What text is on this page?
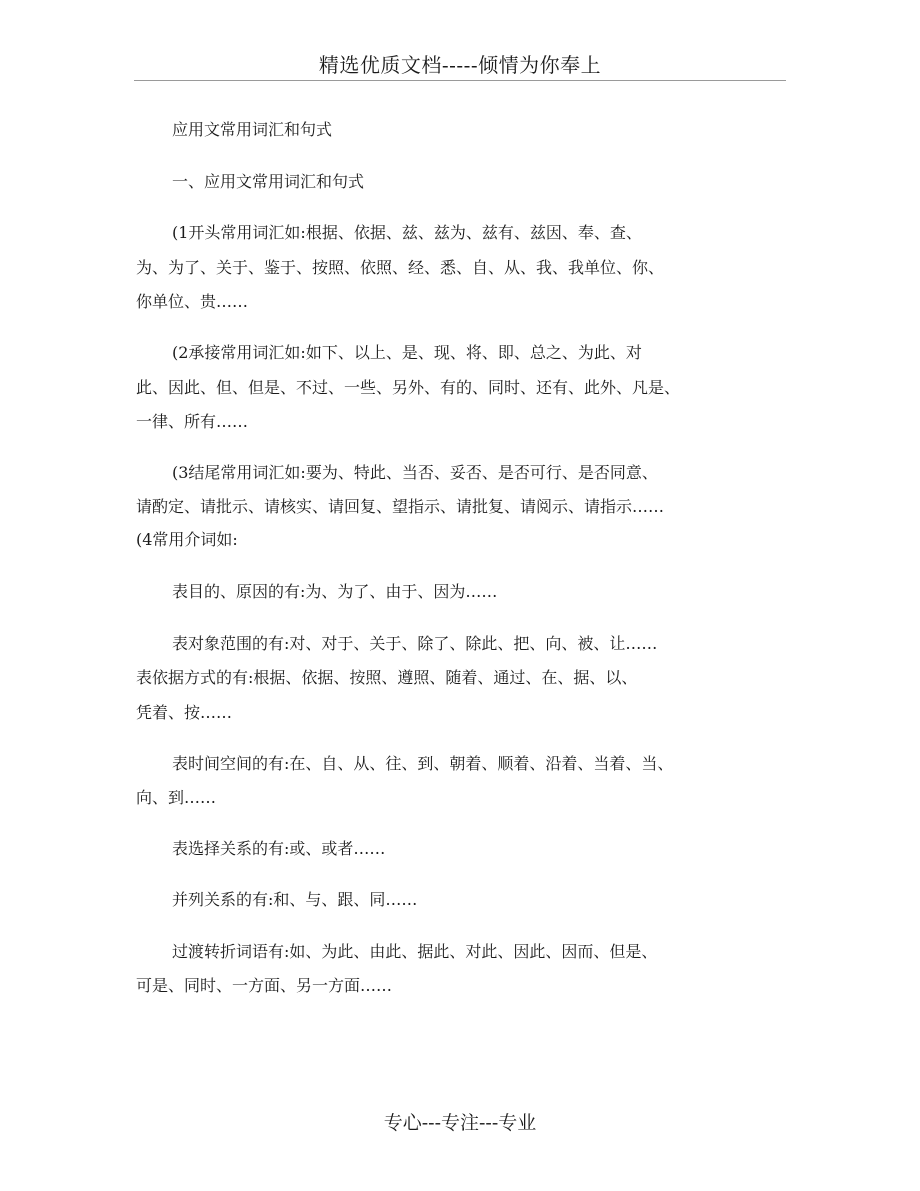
精选优质文档-----倾情为你奉上
应用文常用词汇和句式
一、应用文常用词汇和句式
(1开头常用词汇如:根据、依据、兹、兹为、兹有、兹因、奉、查、
为、为了、关于、鉴于、按照、依照、经、悉、自、从、我、我单位、你、
你单位、贵……
(2承接常用词汇如:如下、以上、是、现、将、即、总之、为此、对
此、因此、但、但是、不过、一些、另外、有的、同时、还有、此外、凡是、
一律、所有……
(3结尾常用词汇如:要为、特此、当否、妥否、是否可行、是否同意、
请酌定、请批示、请核实、请回复、望指示、请批复、请阅示、请指示……
(4常用介词如:
表目的、原因的有:为、为了、由于、因为……
表对象范围的有:对、对于、关于、除了、除此、把、向、被、让……
表依据方式的有:根据、依据、按照、遵照、随着、通过、在、据、以、
凭着、按……
表时间空间的有:在、自、从、往、到、朝着、顺着、沿着、当着、当、
向、到……
表选择关系的有:或、或者……
并列关系的有:和、与、跟、同……
过渡转折词语有:如、为此、由此、据此、对此、因此、因而、但是、
可是、同时、一方面、另一方面……
专心---专注---专业
